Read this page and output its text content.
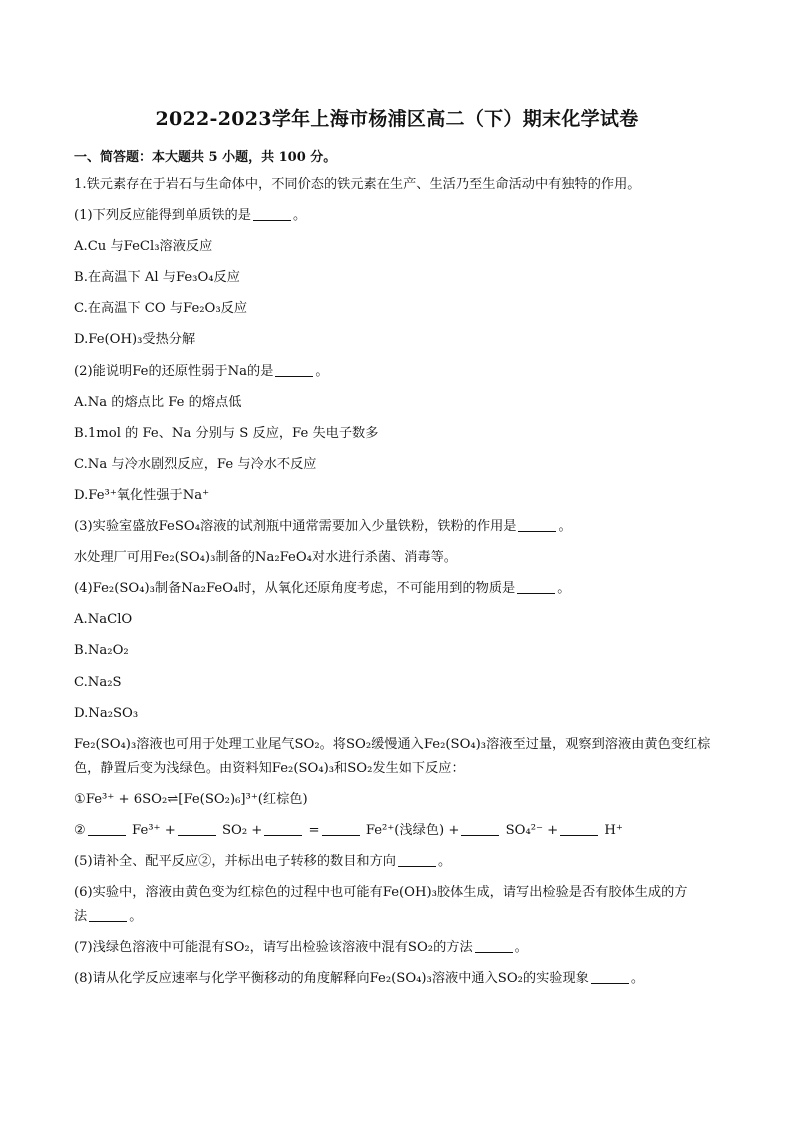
2022-2023学年上海市杨浦区高二（下）期末化学试卷
一、简答题：本大题共 5 小题，共 100 分。
1.铁元素存在于岩石与生命体中，不同价态的铁元素在生产、生活乃至生命活动中有独特的作用。
(1)下列反应能得到单质铁的是	。
A.Cu 与FeCl₃溶液反应
B.在高温下 Al 与Fe₃O₄反应
C.在高温下 CO 与Fe₂O₃反应
D.Fe(OH)₃受热分解
(2)能说明Fe的还原性弱于Na的是	。
A.Na 的熔点比 Fe 的熔点低
B.1mol 的 Fe、Na 分别与 S 反应，Fe 失电子数多
C.Na 与冷水剧烈反应，Fe 与冷水不反应
D.Fe³⁺氧化性强于Na⁺
(3)实验室盛放FeSO₄溶液的试剂瓶中通常需要加入少量铁粉，铁粉的作用是	。
水处理厂可用Fe₂(SO₄)₃制备的Na₂FeO₄对水进行杀菌、消毒等。
(4)Fe₂(SO₄)₃制备Na₂FeO₄时，从氧化还原角度考虑，不可能用到的物质是	。
A.NaClO
B.Na₂O₂
C.Na₂S
D.Na₂SO₃
Fe₂(SO₄)₃溶液也可用于处理工业尾气SO₂。将SO₂缓慢通入Fe₂(SO₄)₃溶液至过量，观察到溶液由黄色变红棕
色，静置后变为浅绿色。由资料知Fe₂(SO₄)₃和SO₂发生如下反应：
①Fe³⁺ + 6SO₂⇌[Fe(SO₂)₆]³⁺(红棕色)
②	Fe³⁺ +	SO₂ +	=	Fe²⁺(浅绿色) +	SO₄²⁻ +	H⁺
(5)请补全、配平反应②，并标出电子转移的数目和方向	。
(6)实验中，溶液由黄色变为红棕色的过程中也可能有Fe(OH)₃胶体生成，请写出检验是否有胶体生成的方
法	。
(7)浅绿色溶液中可能混有SO₂，请写出检验该溶液中混有SO₂的方法	。
(8)请从化学反应速率与化学平衡移动的角度解释向Fe₂(SO₄)₃溶液中通入SO₂的实验现象	。
